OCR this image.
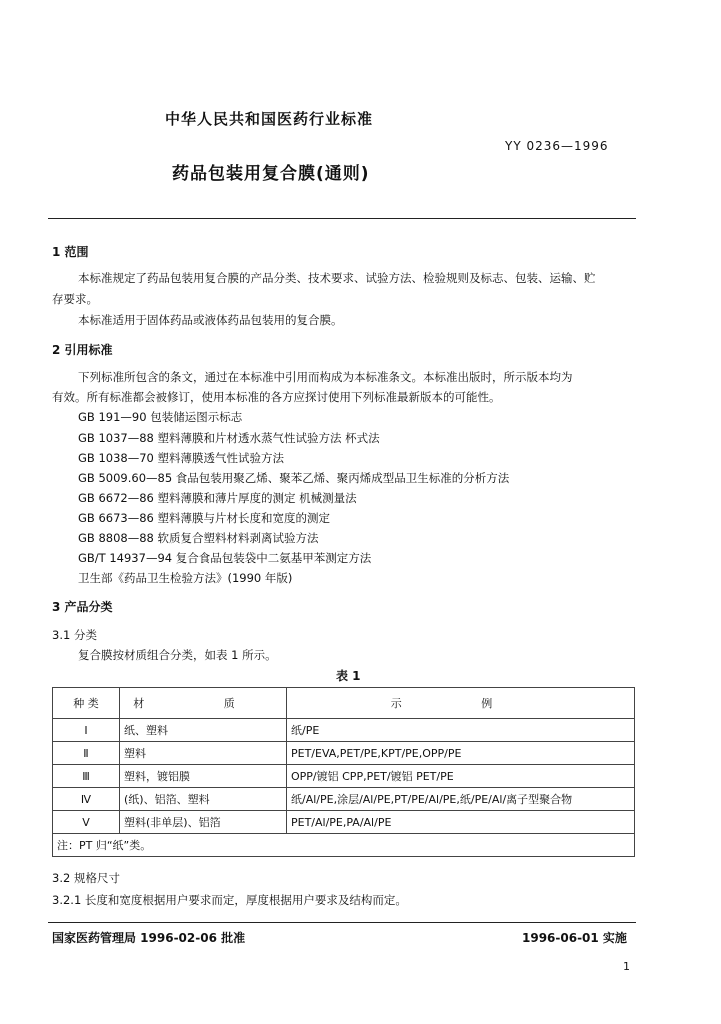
中华人民共和国医药行业标准
YY 0236—1996
药品包装用复合膜(通则)
1 范围
本标准规定了药品包装用复合膜的产品分类、技术要求、试验方法、检验规则及标志、包装、运输、贮
存要求。
本标准适用于固体药品或液体药品包装用的复合膜。
2 引用标准
下列标准所包含的条文，通过在本标准中引用而构成为本标准条文。本标准出版时，所示版本均为
有效。所有标准都会被修订，使用本标准的各方应探讨使用下列标准最新版本的可能性。
GB 191—90 包装储运图示标志
GB 1037—88 塑料薄膜和片材透水蒸气性试验方法 杯式法
GB 1038—70 塑料薄膜透气性试验方法
GB 5009.60—85 食品包装用聚乙烯、聚苯乙烯、聚丙烯成型品卫生标准的分析方法
GB 6672—86 塑料薄膜和薄片厚度的测定 机械测量法
GB 6673—86 塑料薄膜与片材长度和宽度的测定
GB 8808—88 软质复合塑料材料剥离试验方法
GB/T 14937—94 复合食品包装袋中二氨基甲苯测定方法
卫生部《药品卫生检验方法》(1990 年版)
3 产品分类
3.1 分类
复合膜按材质组合分类，如表 1 所示。
表 1
种 类	材 质	示 例
Ⅰ	纸、塑料	纸/PE
Ⅱ	塑料	PET/EVA,PET/PE,KPT/PE,OPP/PE
Ⅲ	塑料，镀铝膜	OPP/镀铝 CPP,PET/镀铝 PET/PE
Ⅳ	(纸)、铝箔、塑料	纸/Al/PE,涂层/Al/PE,PT/PE/Al/PE,纸/PE/Al/离子型聚合物
Ⅴ	塑料(非单层)、铝箔	PET/Al/PE,PA/Al/PE
注：PT 归“纸”类。		
3.2 规格尺寸
3.2.1 长度和宽度根据用户要求而定，厚度根据用户要求及结构而定。
国家医药管理局 1996-02-06 批准	1996-06-01 实施
1
